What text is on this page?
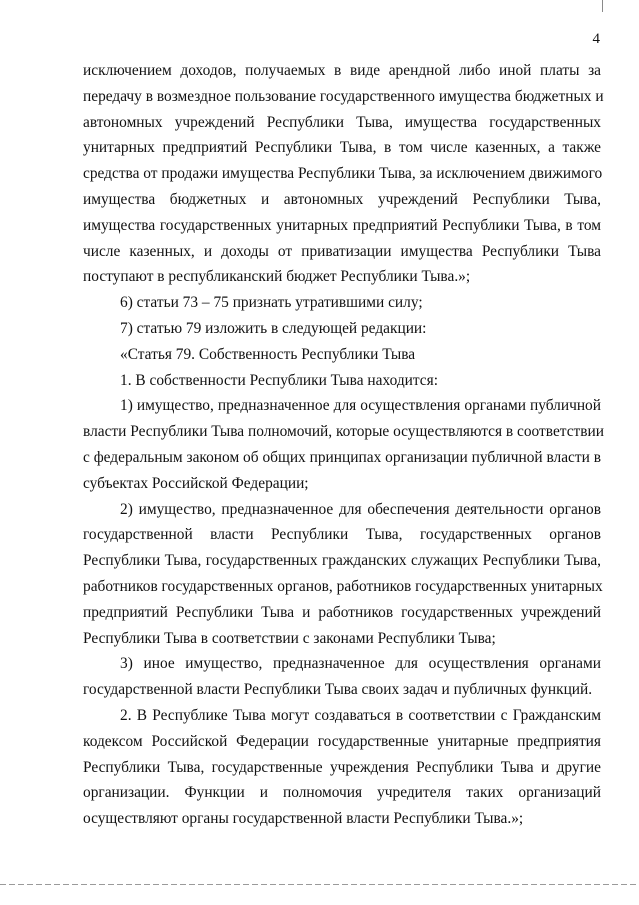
4
исключением доходов, получаемых в виде арендной либо иной платы за
передачу в возмездное пользование государственного имущества бюджетных и
автономных учреждений Республики Тыва, имущества государственных
унитарных предприятий Республики Тыва, в том числе казенных, а также
средства от продажи имущества Республики Тыва, за исключением движимого
имущества бюджетных и автономных учреждений Республики Тыва,
имущества государственных унитарных предприятий Республики Тыва, в том
числе казенных, и доходы от приватизации имущества Республики Тыва
поступают в республиканский бюджет Республики Тыва.»;
6) статьи 73 – 75 признать утратившими силу;
7) статью 79 изложить в следующей редакции:
«Статья 79. Собственность Республики Тыва
1. В собственности Республики Тыва находится:
1) имущество, предназначенное для осуществления органами публичной
власти Республики Тыва полномочий, которые осуществляются в соответствии
с федеральным законом об общих принципах организации публичной власти в
субъектах Российской Федерации;
2) имущество, предназначенное для обеспечения деятельности органов
государственной власти Республики Тыва, государственных органов
Республики Тыва, государственных гражданских служащих Республики Тыва,
работников государственных органов, работников государственных унитарных
предприятий Республики Тыва и работников государственных учреждений
Республики Тыва в соответствии с законами Республики Тыва;
3) иное имущество, предназначенное для осуществления органами
государственной власти Республики Тыва своих задач и публичных функций.
2. В Республике Тыва могут создаваться в соответствии с Гражданским
кодексом Российской Федерации государственные унитарные предприятия
Республики Тыва, государственные учреждения Республики Тыва и другие
организации. Функции и полномочия учредителя таких организаций
осуществляют органы государственной власти Республики Тыва.»;
